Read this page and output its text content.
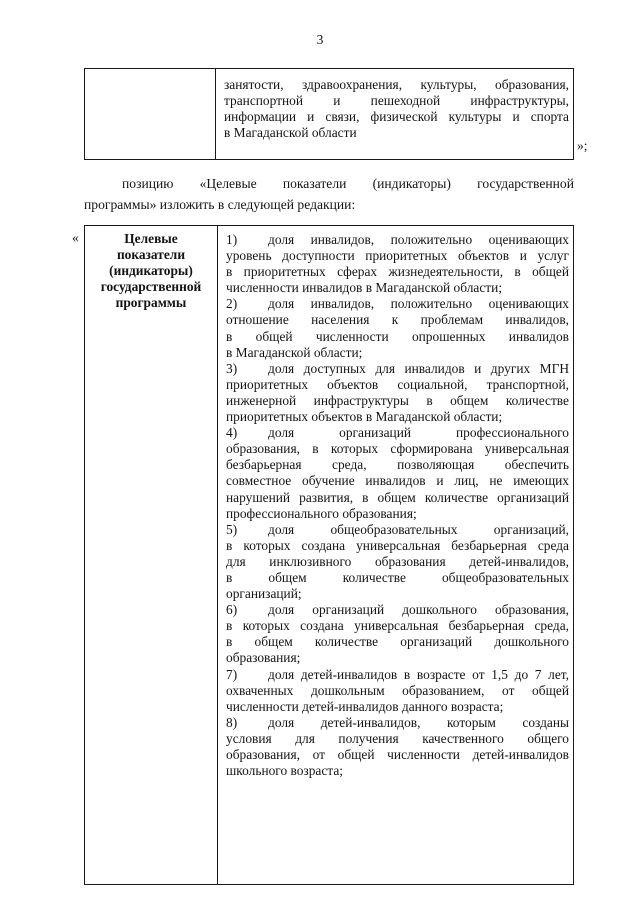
3

занятости, здравоохранения, культуры, образования,
транспортной и пешеходной инфраструктуры,
информации и связи, физической культуры и спорта
в Магаданской области
»;
позицию «Целевые показатели (индикаторы) государственной
программы» изложить в следующей редакции:
«	Целевые
показатели
(индикаторы)
государственной
программы

1)	доля инвалидов, положительно оценивающих
уровень доступности приоритетных объектов и услуг
в приоритетных сферах жизнедеятельности, в общей
численности инвалидов в Магаданской области;
2)	доля инвалидов, положительно оценивающих
отношение населения к проблемам инвалидов,
в общей численности опрошенных инвалидов
в Магаданской области;
3)	доля доступных для инвалидов и других МГН
приоритетных объектов социальной, транспортной,
инженерной инфраструктуры в общем количестве
приоритетных объектов в Магаданской области;
4)	доля организаций профессионального
образования, в которых сформирована универсальная
безбарьерная среда, позволяющая обеспечить
совместное обучение инвалидов и лиц, не имеющих
нарушений развития, в общем количестве организаций
профессионального образования;
5)	доля общеобразовательных организаций,
в которых создана универсальная безбарьерная среда
для инклюзивного образования детей-инвалидов,
в общем количестве общеобразовательных
организаций;
6)	доля организаций дошкольного образования,
в которых создана универсальная безбарьерная среда,
в общем количестве организаций дошкольного
образования;
7)	доля детей-инвалидов в возрасте от 1,5 до 7 лет,
охваченных дошкольным образованием, от общей
численности детей-инвалидов данного возраста;
8)	доля детей-инвалидов, которым созданы
условия для получения качественного общего
образования, от общей численности детей-инвалидов
школьного возраста;
